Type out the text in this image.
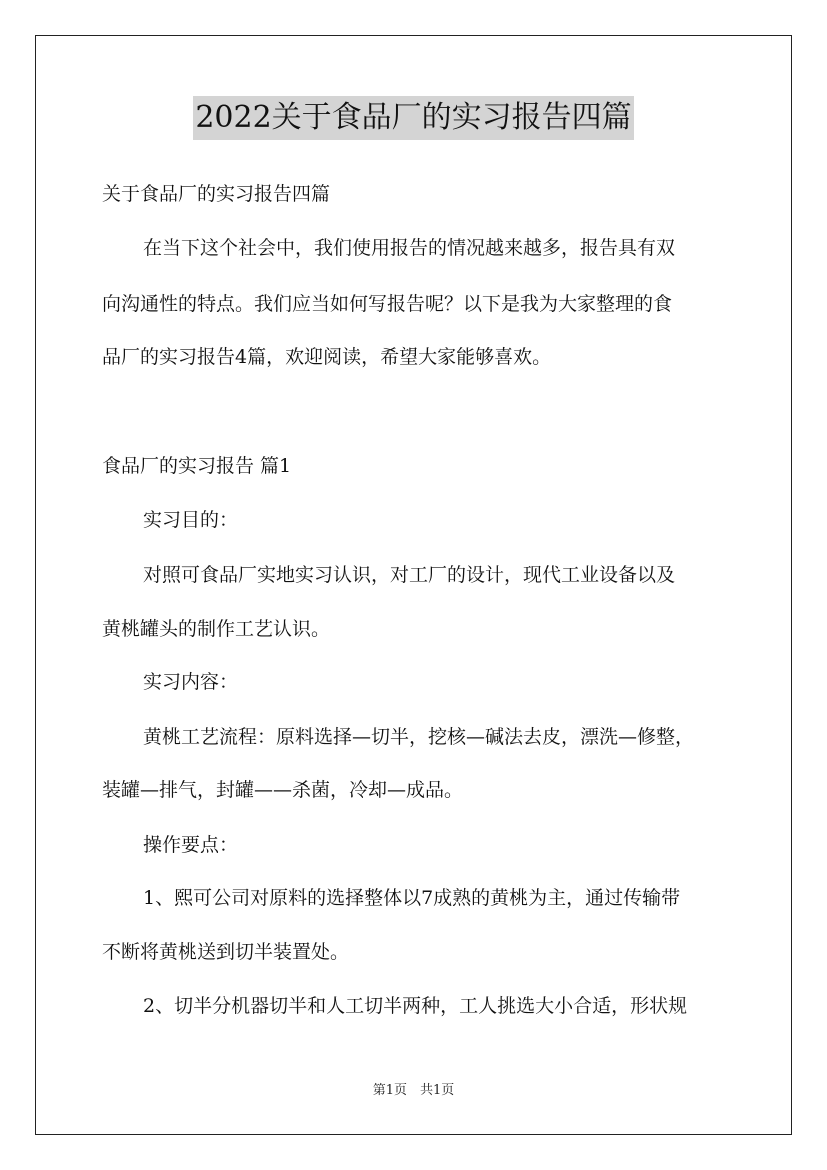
2022关于食品厂的实习报告四篇
关于食品厂的实习报告四篇
在当下这个社会中，我们使用报告的情况越来越多，报告具有双
向沟通性的特点。我们应当如何写报告呢？以下是我为大家整理的食
品厂的实习报告4篇，欢迎阅读，希望大家能够喜欢。
食品厂的实习报告 篇1
实习目的：
对照可食品厂实地实习认识，对工厂的设计，现代工业设备以及
黄桃罐头的制作工艺认识。
实习内容：
黄桃工艺流程：原料选择—切半，挖核—碱法去皮，漂洗—修整，
装罐—排气，封罐——杀菌，冷却—成品。
操作要点：
1、熙可公司对原料的选择整体以7成熟的黄桃为主，通过传输带
不断将黄桃送到切半装置处。
2、切半分机器切半和人工切半两种，工人挑选大小合适，形状规
第1页　共1页
